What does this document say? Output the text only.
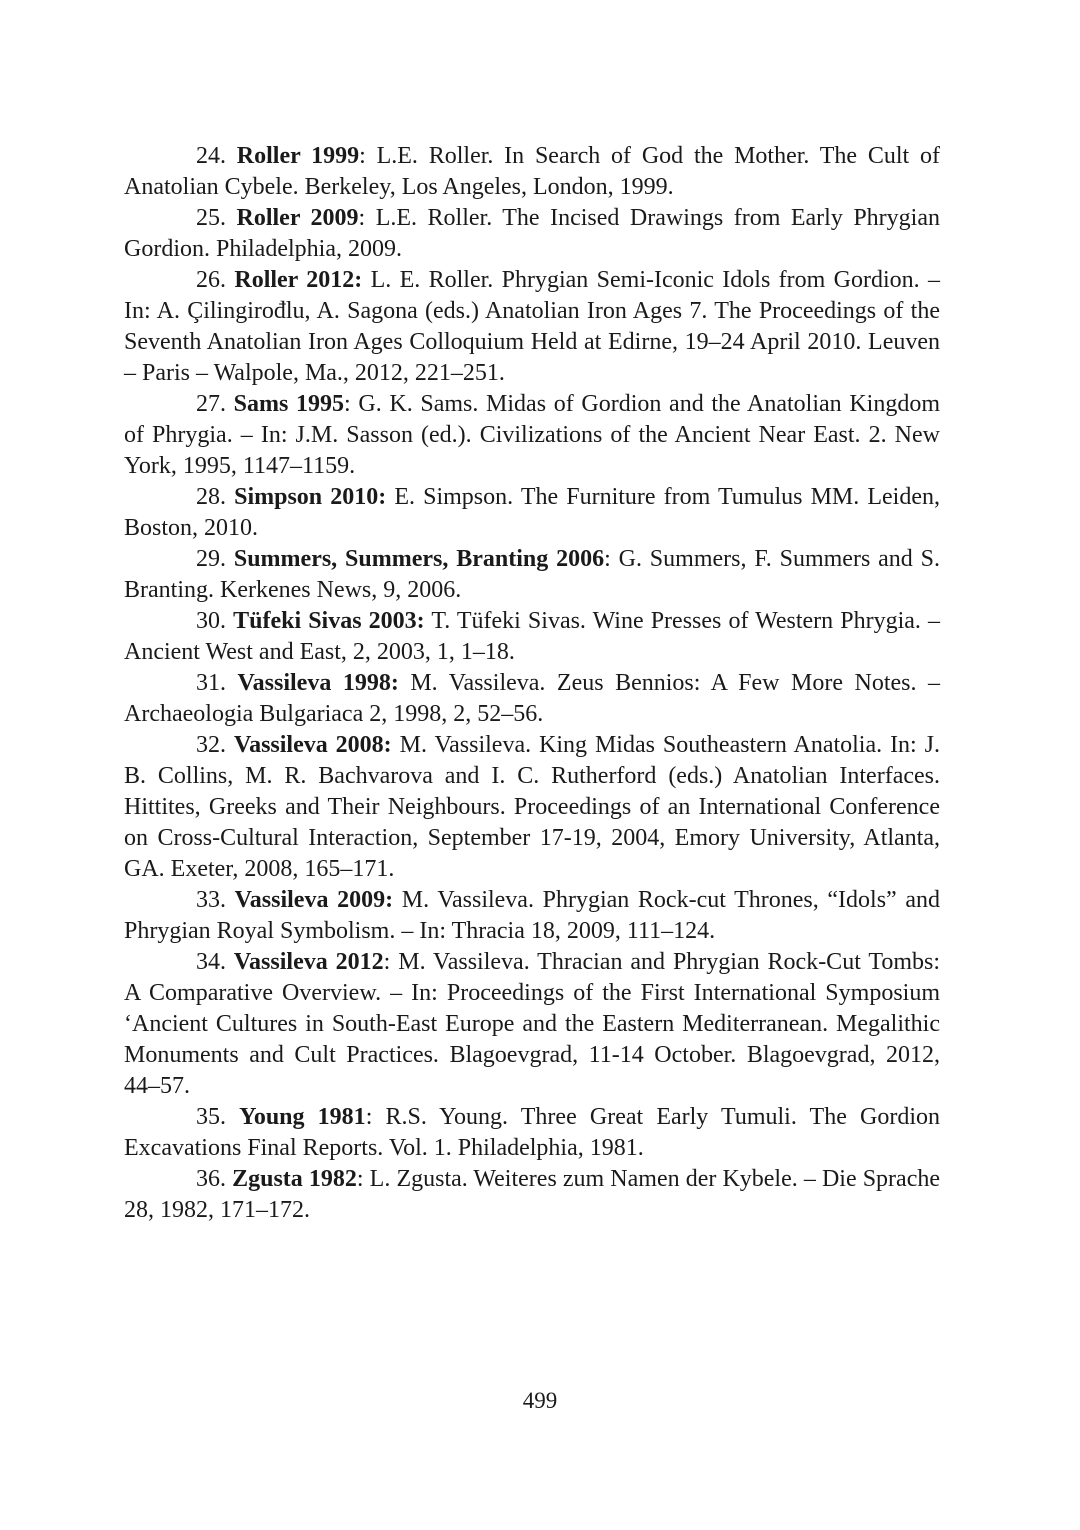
24. Roller 1999: L.E. Roller. In Search of God the Mother. The Cult of Anatolian Cybele. Berkeley, Los Angeles, London, 1999.

25. Roller 2009: L.E. Roller. The Incised Drawings from Early Phrygian Gordion. Philadelphia, 2009.

26. Roller 2012: L. E. Roller. Phrygian Semi-Iconic Idols from Gordion. – In: A. Çilingirođlu, A. Sagona (eds.) Anatolian Iron Ages 7. The Proceedings of the Seventh Anatolian Iron Ages Colloquium Held at Edirne, 19–24 April 2010. Leuven – Paris – Walpole, Ma., 2012, 221–251.

27. Sams 1995: G. K. Sams. Midas of Gordion and the Anatolian Kingdom of Phrygia. – In: J.M. Sasson (ed.). Civilizations of the Ancient Near East. 2. New York, 1995, 1147–1159.

28. Simpson 2010: E. Simpson. The Furniture from Tumulus MM. Leiden, Boston, 2010.

29. Summers, Summers, Branting 2006: G. Summers, F. Summers and S. Branting. Kerkenes News, 9, 2006.

30. Tüfeki Sivas 2003: T. Tüfeki Sivas. Wine Presses of Western Phrygia. – Ancient West and East, 2, 2003, 1, 1–18.

31. Vassileva 1998: M. Vassileva. Zeus Bennios: A Few More Notes. – Archaeologia Bulgariaca 2, 1998, 2, 52–56.

32. Vassileva 2008: M. Vassileva. King Midas Southeastern Anatolia. In: J. B. Collins, M. R. Bachvarova and I. C. Rutherford (eds.) Anatolian Interfaces. Hittites, Greeks and Their Neighbours. Proceedings of an International Conference on Cross-Cultural Interaction, September 17-19, 2004, Emory University, Atlanta, GA. Exeter, 2008, 165–171.

33. Vassileva 2009: M. Vassileva. Phrygian Rock-cut Thrones, “Idols” and Phrygian Royal Symbolism. – In: Thracia 18, 2009, 111–124.

34. Vassileva 2012: M. Vassileva. Thracian and Phrygian Rock-Cut Tombs: A Comparative Overview. – In: Proceedings of the First International Symposium ‘Ancient Cultures in South-East Europe and the Eastern Mediterranean. Megalithic Monuments and Cult Practices. Blagoevgrad, 11-14 October. Blagoevgrad, 2012, 44–57.

35. Young 1981: R.S. Young. Three Great Early Tumuli. The Gordion Excavations Final Reports. Vol. 1. Philadelphia, 1981.

36. Zgusta 1982: L. Zgusta. Weiteres zum Namen der Kybele. – Die Sprache 28, 1982, 171–172.

499
